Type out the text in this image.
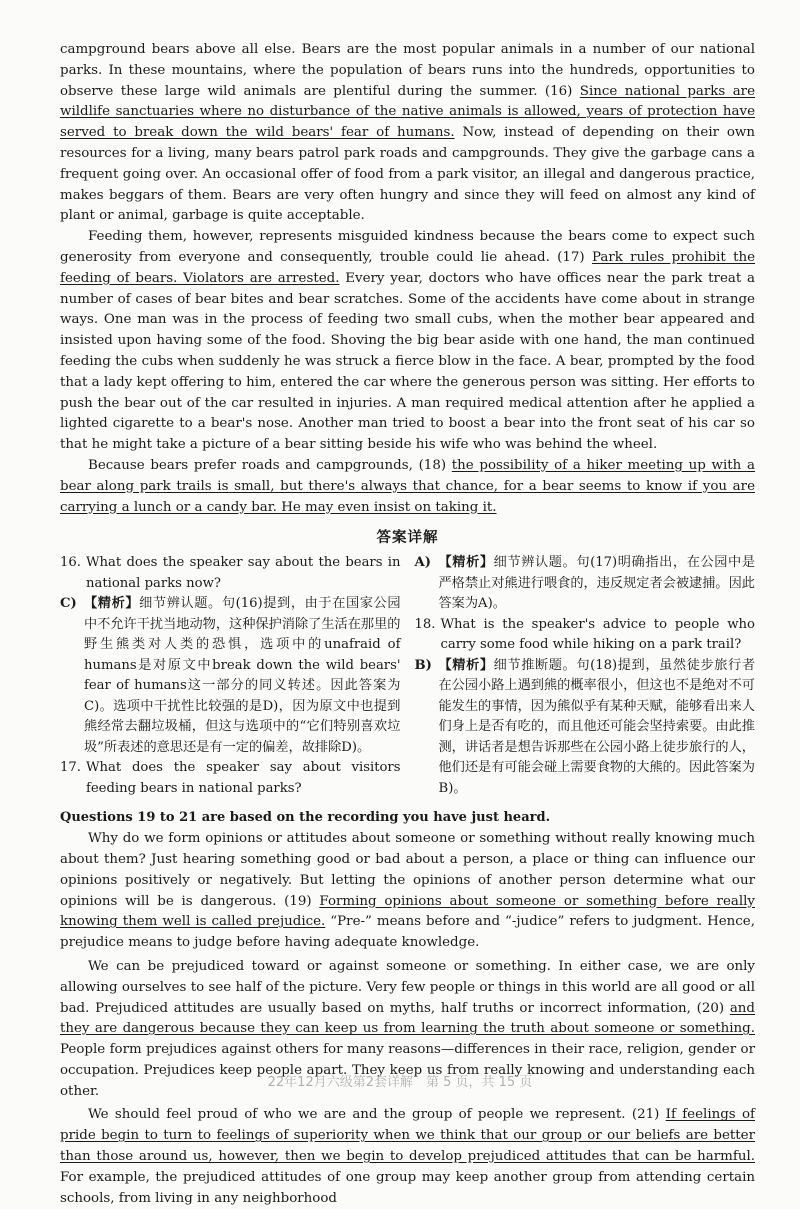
campground bears above all else. Bears are the most popular animals in a number of our national parks. In these mountains, where the population of bears runs into the hundreds, opportunities to observe these large wild animals are plentiful during the summer. (16) Since national parks are wildlife sanctuaries where no disturbance of the native animals is allowed, years of protection have served to break down the wild bears' fear of humans. Now, instead of depending on their own resources for a living, many bears patrol park roads and campgrounds. They give the garbage cans a frequent going over. An occasional offer of food from a park visitor, an illegal and dangerous practice, makes beggars of them. Bears are very often hungry and since they will feed on almost any kind of plant or animal, garbage is quite acceptable.

Feeding them, however, represents misguided kindness because the bears come to expect such generosity from everyone and consequently, trouble could lie ahead. (17) Park rules prohibit the feeding of bears. Violators are arrested. Every year, doctors who have offices near the park treat a number of cases of bear bites and bear scratches. Some of the accidents have come about in strange ways. One man was in the process of feeding two small cubs, when the mother bear appeared and insisted upon having some of the food. Shoving the big bear aside with one hand, the man continued feeding the cubs when suddenly he was struck a fierce blow in the face. A bear, prompted by the food that a lady kept offering to him, entered the car where the generous person was sitting. Her efforts to push the bear out of the car resulted in injuries. A man required medical attention after he applied a lighted cigarette to a bear's nose. Another man tried to boost a bear into the front seat of his car so that he might take a picture of a bear sitting beside his wife who was behind the wheel.

Because bears prefer roads and campgrounds, (18) the possibility of a hiker meeting up with a bear along park trails is small, but there's always that chance, for a bear seems to know if you are carrying a lunch or a candy bar. He may even insist on taking it.

答案详解
16. What does the speaker say about the bears in national parks now?
C) 【精析】细节辨认题。句(16)提到，由于在国家公园中不允许干扰当地动物，这种保护消除了生活在那里的野生熊类对人类的恐惧，选项中的unafraid of humans是对原文中break down the wild bears' fear of humans这一部分的同义转述。因此答案为C)。选项中干扰性比较强的是D)，因为原文中也提到熊经常去翻垃圾桶，但这与选项中的“它们特别喜欢垃圾”所表述的意思还是有一定的偏差，故排除D)。
17. What does the speaker say about visitors feeding bears in national parks?
A) 【精析】细节辨认题。句(17)明确指出，在公园中是严格禁止对熊进行喂食的，违反规定者会被逮捕。因此答案为A)。
18. What is the speaker's advice to people who carry some food while hiking on a park trail?
B) 【精析】细节推断题。句(18)提到，虽然徒步旅行者在公园小路上遇到熊的概率很小，但这也不是绝对不可能发生的事情，因为熊似乎有某种天赋，能够看出来人们身上是否有吃的，而且他还可能会坚持索要。由此推测，讲话者是想告诉那些在公园小路上徒步旅行的人，他们还是有可能会碰上需要食物的大熊的。因此答案为B)。

Questions 19 to 21 are based on the recording you have just heard.

Why do we form opinions or attitudes about someone or something without really knowing much about them? Just hearing something good or bad about a person, a place or thing can influence our opinions positively or negatively. But letting the opinions of another person determine what our opinions will be is dangerous. (19) Forming opinions about someone or something before really knowing them well is called prejudice. “Pre-” means before and “-judice” refers to judgment. Hence, prejudice means to judge before having adequate knowledge.

We can be prejudiced toward or against someone or something. In either case, we are only allowing ourselves to see half of the picture. Very few people or things in this world are all good or all bad. Prejudiced attitudes are usually based on myths, half truths or incorrect information, (20) and they are dangerous because they can keep us from learning the truth about someone or something. People form prejudices against others for many reasons—differences in their race, religion, gender or occupation. Prejudices keep people apart. They keep us from really knowing and understanding each other.

We should feel proud of who we are and the group of people we represent. (21) If feelings of pride begin to turn to feelings of superiority when we think that our group or our beliefs are better than those around us, however, then we begin to develop prejudiced attitudes that can be harmful. For example, the prejudiced attitudes of one group may keep another group from attending certain schools, from living in any neighborhood

22年12月六级第2套详解　第 5 页，共 15 页
